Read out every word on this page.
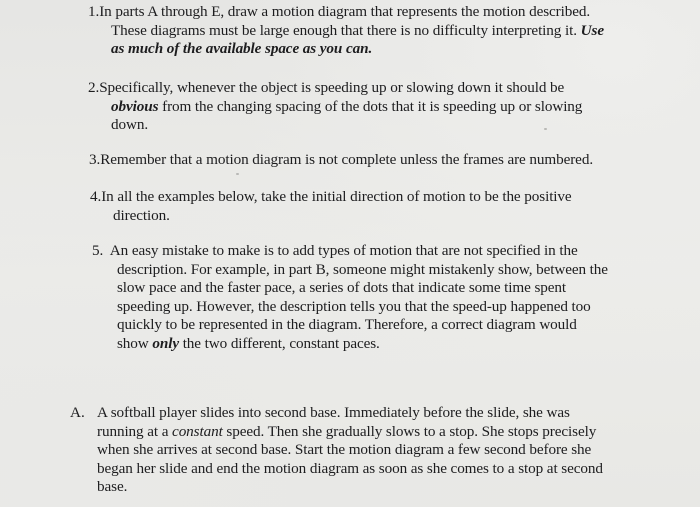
1.In parts A through E, draw a motion diagram that represents the motion described.
These diagrams must be large enough that there is no difficulty interpreting it. Use
as much of the available space as you can.
2.Specifically, whenever the object is speeding up or slowing down it should be
obvious from the changing spacing of the dots that it is speeding up or slowing
down.
3.Remember that a motion diagram is not complete unless the frames are numbered.
4.In all the examples below, take the initial direction of motion to be the positive
direction.
5. An easy mistake to make is to add types of motion that are not specified in the
description. For example, in part B, someone might mistakenly show, between the
slow pace and the faster pace, a series of dots that indicate some time spent
speeding up. However, the description tells you that the speed-up happened too
quickly to be represented in the diagram. Therefore, a correct diagram would
show only the two different, constant paces.
A. A softball player slides into second base. Immediately before the slide, she was
running at a constant speed. Then she gradually slows to a stop. She stops precisely
when she arrives at second base. Start the motion diagram a few second before she
began her slide and end the motion diagram as soon as she comes to a stop at second
base.
